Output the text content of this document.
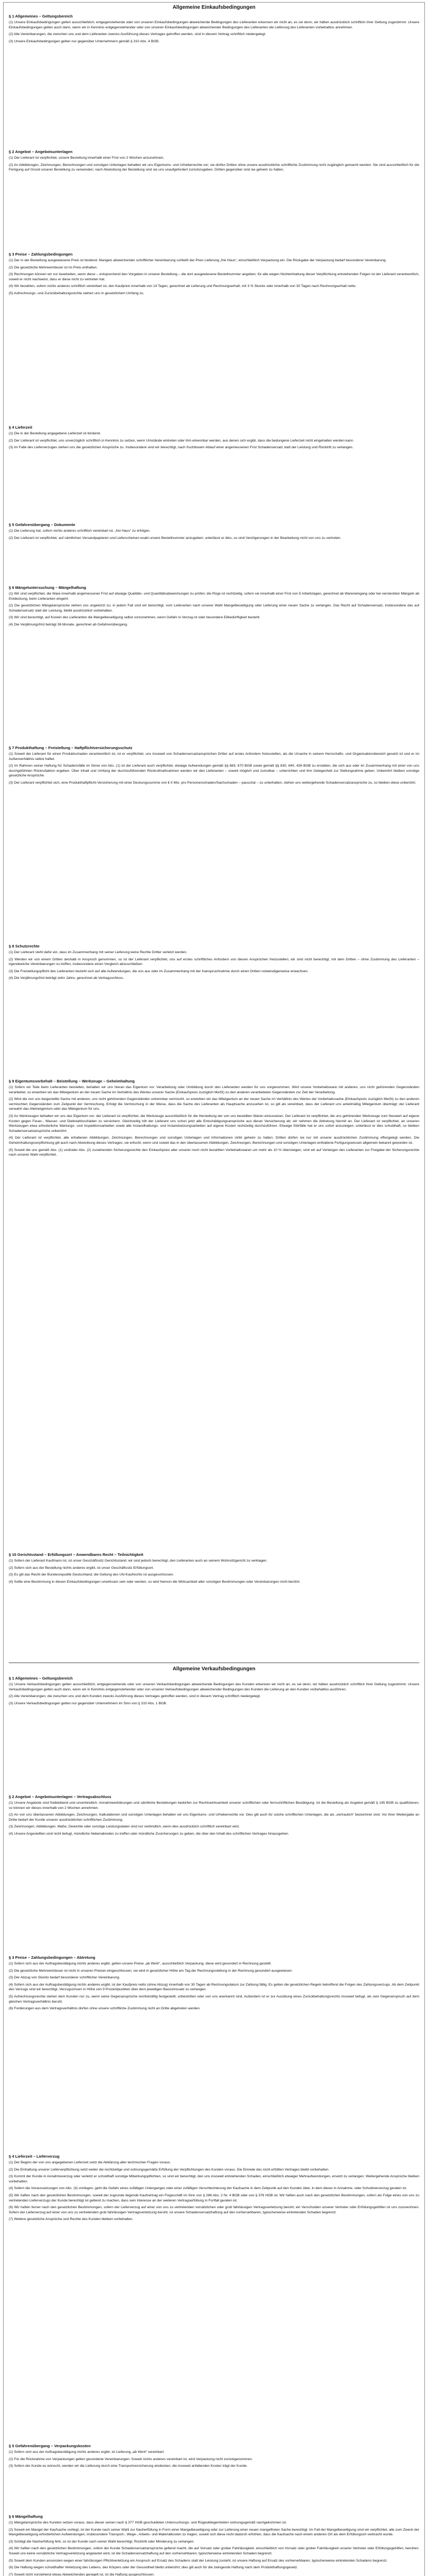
Allgemeine Einkaufsbedingungen
§ 1 Allgemeines – Geltungsbereich

(1) Unsere Einkaufsbedingungen gelten ausschließlich; entgegenstehende oder von unseren Einkaufsbedingungen abweichende Bedingungen des Lieferanten erkennen wir nicht an, es sei denn, wir hätten ausdrücklich schriftlich ihrer Geltung zugestimmt. Unsere Einkaufsbedingungen gelten auch dann, wenn wir in Kenntnis entgegenstehender oder von unseren Einkaufsbedingungen abweichender Bedingungen des Lieferanten die Lieferung des Lieferanten vorbehaltlos annehmen.

(2) Alle Vereinbarungen, die zwischen uns und dem Lieferanten zwecks Ausführung dieses Vertrages getroffen werden, sind in diesem Vertrag schriftlich niedergelegt.

(3) Unsere Einkaufsbedingungen gelten nur gegenüber Unternehmern gemäß § 310 Abs. 4 BGB.

§ 2 Angebot – Angebotsunterlagen

(1) Der Lieferant ist verpflichtet, unsere Bestellung innerhalb einer Frist von 2 Wochen anzunehmen.

(2) An Abbildungen, Zeichnungen, Berechnungen und sonstigen Unterlagen behalten wir uns Eigentums- und Urheberrechte vor; sie dürfen Dritten ohne unsere ausdrückliche schriftliche Zustimmung nicht zugänglich gemacht werden. Sie sind ausschließlich für die Fertigung auf Grund unserer Bestellung zu verwenden; nach Abwicklung der Bestellung sind sie uns unaufgefordert zurückzugeben. Dritten gegenüber sind sie geheim zu halten.

§ 3 Preise – Zahlungsbedingungen

(1) Der in der Bestellung ausgewiesene Preis ist bindend. Mangels abweichender schriftlicher Vereinbarung schließt der Preis Lieferung „frei Haus“, einschließlich Verpackung ein. Die Rückgabe der Verpackung bedarf besonderer Vereinbarung.

(2) Die gesetzliche Mehrwertsteuer ist im Preis enthalten.

(3) Rechnungen können wir nur bearbeiten, wenn diese – entsprechend den Vorgaben in unserer Bestellung – die dort ausgewiesene Bestellnummer angeben; für alle wegen Nichteinhaltung dieser Verpflichtung entstehenden Folgen ist der Lieferant verantwortlich, soweit er nicht nachweist, dass er diese nicht zu vertreten hat.

(4) Wir bezahlen, sofern nichts anderes schriftlich vereinbart ist, den Kaufpreis innerhalb von 14 Tagen, gerechnet ab Lieferung und Rechnungserhalt, mit 3 % Skonto oder innerhalb von 30 Tagen nach Rechnungserhalt netto.

(5) Aufrechnungs- und Zurückbehaltungsrechte stehen uns in gesetzlichem Umfang zu.

§ 4 Lieferzeit

(1) Die in der Bestellung angegebene Lieferzeit ist bindend.

(2) Der Lieferant ist verpflichtet, uns unverzüglich schriftlich in Kenntnis zu setzen, wenn Umstände eintreten oder ihm erkennbar werden, aus denen sich ergibt, dass die bedungene Lieferzeit nicht eingehalten werden kann.

(3) Im Falle des Lieferverzuges stehen uns die gesetzlichen Ansprüche zu. Insbesondere sind wir berechtigt, nach fruchtlosem Ablauf einer angemessenen Frist Schadensersatz statt der Leistung und Rücktritt zu verlangen.

§ 5 Gefahrenübergang – Dokumente

(1) Die Lieferung hat, sofern nichts anderes schriftlich vereinbart ist, „frei Haus“ zu erfolgen.

(2) Der Lieferant ist verpflichtet, auf sämtlichen Versandpapieren und Lieferscheinen exakt unsere Bestellnummer anzugeben; unterlässt er dies, so sind Verzögerungen in der Bearbeitung nicht von uns zu vertreten.

§ 6 Mängeluntersuchung – Mängelhaftung

(1) Wir sind verpflichtet, die Ware innerhalb angemessener Frist auf etwaige Qualitäts- und Quantitätsabweichungen zu prüfen; die Rüge ist rechtzeitig, sofern sie innerhalb einer Frist von 5 Arbeitstagen, gerechnet ab Wareneingang oder bei versteckten Mängeln ab Entdeckung, beim Lieferanten eingeht.

(2) Die gesetzlichen Mängelansprüche stehen uns ungekürzt zu; in jedem Fall sind wir berechtigt, vom Lieferanten nach unserer Wahl Mangelbeseitigung oder Lieferung einer neuen Sache zu verlangen. Das Recht auf Schadensersatz, insbesondere das auf Schadensersatz statt der Leistung, bleibt ausdrücklich vorbehalten.

(3) Wir sind berechtigt, auf Kosten des Lieferanten die Mangelbeseitigung selbst vorzunehmen, wenn Gefahr in Verzug ist oder besondere Eilbedürftigkeit besteht.

(4) Die Verjährungsfrist beträgt 36 Monate, gerechnet ab Gefahrenübergang.

§ 7 Produkthaftung – Freistellung – Haftpflichtversicherungsschutz

(1) Soweit der Lieferant für einen Produktschaden verantwortlich ist, ist er verpflichtet, uns insoweit von Schadensersatzansprüchen Dritter auf erstes Anfordern freizustellen, als die Ursache in seinem Herrschafts- und Organisationsbereich gesetzt ist und er im Außenverhältnis selbst haftet.

(2) Im Rahmen seiner Haftung für Schadensfälle im Sinne von Abs. (1) ist der Lieferant auch verpflichtet, etwaige Aufwendungen gemäß §§ 683, 670 BGB sowie gemäß §§ 830, 840, 426 BGB zu erstatten, die sich aus oder im Zusammenhang mit einer von uns durchgeführten Rückrufaktion ergeben. Über Inhalt und Umfang der durchzuführenden Rückrufmaßnahmen werden wir den Lieferanten – soweit möglich und zumutbar – unterrichten und ihm Gelegenheit zur Stellungnahme geben. Unberührt bleiben sonstige gesetzliche Ansprüche.

(3) Der Lieferant verpflichtet sich, eine Produkthaftpflicht-Versicherung mit einer Deckungssumme von € 5 Mio. pro Personenschaden/Sachschaden – pauschal – zu unterhalten; stehen uns weitergehende Schadensersatzansprüche zu, so bleiben diese unberührt.

§ 8 Schutzrechte

(1) Der Lieferant steht dafür ein, dass im Zusammenhang mit seiner Lieferung keine Rechte Dritter verletzt werden.

(2) Werden wir von einem Dritten deshalb in Anspruch genommen, so ist der Lieferant verpflichtet, uns auf erstes schriftliches Anfordern von diesen Ansprüchen freizustellen; wir sind nicht berechtigt, mit dem Dritten – ohne Zustimmung des Lieferanten – irgendwelche Vereinbarungen zu treffen, insbesondere einen Vergleich abzuschließen.

(3) Die Freistellungspflicht des Lieferanten bezieht sich auf alle Aufwendungen, die uns aus oder im Zusammenhang mit der Inanspruchnahme durch einen Dritten notwendigerweise erwachsen.

(4) Die Verjährungsfrist beträgt zehn Jahre, gerechnet ab Vertragsschluss.

§ 9 Eigentumsvorbehalt – Beistellung – Werkzeuge – Geheimhaltung

(1) Sofern wir Teile beim Lieferanten beistellen, behalten wir uns hieran das Eigentum vor. Verarbeitung oder Umbildung durch den Lieferanten werden für uns vorgenommen. Wird unsere Vorbehaltsware mit anderen, uns nicht gehörenden Gegenständen verarbeitet, so erwerben wir das Miteigentum an der neuen Sache im Verhältnis des Wertes unserer Sache (Einkaufspreis zuzüglich MwSt) zu den anderen verarbeiteten Gegenständen zur Zeit der Verarbeitung.

(2) Wird die von uns beigestellte Sache mit anderen, uns nicht gehörenden Gegenständen untrennbar vermischt, so erwerben wir das Miteigentum an der neuen Sache im Verhältnis des Wertes der Vorbehaltssache (Einkaufspreis zuzüglich MwSt) zu den anderen vermischten Gegenständen zum Zeitpunkt der Vermischung. Erfolgt die Vermischung in der Weise, dass die Sache des Lieferanten als Hauptsache anzusehen ist, so gilt als vereinbart, dass der Lieferant uns anteilmäßig Miteigentum überträgt; der Lieferant verwahrt das Alleineigentum oder das Miteigentum für uns.

(3) An Werkzeugen behalten wir uns das Eigentum vor; der Lieferant ist verpflichtet, die Werkzeuge ausschließlich für die Herstellung der von uns bestellten Waren einzusetzen. Der Lieferant ist verpflichtet, die uns gehörenden Werkzeuge zum Neuwert auf eigene Kosten gegen Feuer-, Wasser- und Diebstahlsschäden zu versichern. Gleichzeitig tritt der Lieferant uns schon jetzt alle Entschädigungsansprüche aus dieser Versicherung ab; wir nehmen die Abtretung hiermit an. Der Lieferant ist verpflichtet, an unseren Werkzeugen etwa erforderliche Wartungs- und Inspektionsarbeiten sowie alle Instandhaltungs- und Instandsetzungsarbeiten auf eigene Kosten rechtzeitig durchzuführen. Etwaige Störfälle hat er uns sofort anzuzeigen; unterlässt er dies schuldhaft, so bleiben Schadensersatzansprüche unberührt.

(4) Der Lieferant ist verpflichtet, alle erhaltenen Abbildungen, Zeichnungen, Berechnungen und sonstigen Unterlagen und Informationen strikt geheim zu halten. Dritten dürfen sie nur mit unserer ausdrücklichen Zustimmung offengelegt werden. Die Geheimhaltungsverpflichtung gilt auch nach Abwicklung dieses Vertrages; sie erlischt, wenn und soweit das in den überlassenen Abbildungen, Zeichnungen, Berechnungen und sonstigen Unterlagen enthaltene Fertigungswissen allgemein bekannt geworden ist.

(5) Soweit die uns gemäß Abs. (1) und/oder Abs. (2) zustehenden Sicherungsrechte den Einkaufspreis aller unserer noch nicht bezahlten Vorbehaltswaren um mehr als 10 % übersteigen, sind wir auf Verlangen des Lieferanten zur Freigabe der Sicherungsrechte nach unserer Wahl verpflichtet.

§ 10 Gerichtsstand – Erfüllungsort – Anwendbares Recht – Teilnichtigkeit

(1) Sofern der Lieferant Kaufmann ist, ist unser Geschäftssitz Gerichtsstand; wir sind jedoch berechtigt, den Lieferanten auch an seinem Wohnsitzgericht zu verklagen.

(2) Sofern sich aus der Bestellung nichts anderes ergibt, ist unser Geschäftssitz Erfüllungsort.

(3) Es gilt das Recht der Bundesrepublik Deutschland; die Geltung des UN-Kaufrechts ist ausgeschlossen.

(4) Sollte eine Bestimmung in diesen Einkaufsbedingungen unwirksam sein oder werden, so wird hiervon die Wirksamkeit aller sonstigen Bestimmungen oder Vereinbarungen nicht berührt.

Allgemeine Verkaufsbedingungen
§ 1 Allgemeines – Geltungsbereich

(1) Unsere Verkaufsbedingungen gelten ausschließlich; entgegenstehende oder von unseren Verkaufsbedingungen abweichende Bedingungen des Kunden erkennen wir nicht an, es sei denn, wir hätten ausdrücklich schriftlich ihrer Geltung zugestimmt. Unsere Verkaufsbedingungen gelten auch dann, wenn wir in Kenntnis entgegenstehender oder von unseren Verkaufsbedingungen abweichender Bedingungen des Kunden die Lieferung an den Kunden vorbehaltlos ausführen.

(2) Alle Vereinbarungen, die zwischen uns und dem Kunden zwecks Ausführung dieses Vertrages getroffen werden, sind in diesem Vertrag schriftlich niedergelegt.

(3) Unsere Verkaufsbedingungen gelten nur gegenüber Unternehmern im Sinn von § 310 Abs. 1 BGB.

§ 2 Angebot – Angebotsunterlagen – Vertragsabschluss

(1) Unsere Angebote sind freibleibend und unverbindlich. Annahmeerklärungen und sämtliche Bestellungen bedürfen zur Rechtswirksamkeit unserer schriftlichen oder fernschriftlichen Bestätigung. Ist die Bestellung als Angebot gemäß § 145 BGB zu qualifizieren, so können wir dieses innerhalb von 2 Wochen annehmen.

(2) An von uns überlassenen Abbildungen, Zeichnungen, Kalkulationen und sonstigen Unterlagen behalten wir uns Eigentums- und Urheberrechte vor. Dies gilt auch für solche schriftlichen Unterlagen, die als „vertraulich“ bezeichnet sind. Vor ihrer Weitergabe an Dritte bedarf der Kunde unserer ausdrücklichen schriftlichen Zustimmung.

(3) Zeichnungen, Abbildungen, Maße, Gewichte oder sonstige Leistungsdaten sind nur verbindlich, wenn dies ausdrücklich schriftlich vereinbart wird.

(4) Unsere Angestellten sind nicht befugt, mündliche Nebenabreden zu treffen oder mündliche Zusicherungen zu geben, die über den Inhalt des schriftlichen Vertrages hinausgehen.

§ 3 Preise – Zahlungsbedingungen – Abtretung

(1) Sofern sich aus der Auftragsbestätigung nichts anderes ergibt, gelten unsere Preise „ab Werk“, ausschließlich Verpackung; diese wird gesondert in Rechnung gestellt.

(2) Die gesetzliche Mehrwertsteuer ist nicht in unseren Preisen eingeschlossen; sie wird in gesetzlicher Höhe am Tag der Rechnungsstellung in der Rechnung gesondert ausgewiesen.

(3) Der Abzug von Skonto bedarf besonderer schriftlicher Vereinbarung.

(4) Sofern sich aus der Auftragsbestätigung nichts anderes ergibt, ist der Kaufpreis netto (ohne Abzug) innerhalb von 30 Tagen ab Rechnungsdatum zur Zahlung fällig. Es gelten die gesetzlichen Regeln betreffend die Folgen des Zahlungsverzugs. Ab dem Zeitpunkt des Verzugs sind wir berechtigt, Verzugszinsen in Höhe von 9 Prozentpunkten über dem jeweiligen Basiszinssatz zu verlangen.

(5) Aufrechnungsrechte stehen dem Kunden nur zu, wenn seine Gegenansprüche rechtskräftig festgestellt, unbestritten oder von uns anerkannt sind. Außerdem ist er zur Ausübung eines Zurückbehaltungsrechts insoweit befugt, als sein Gegenanspruch auf dem gleichen Vertragsverhältnis beruht.

(6) Forderungen aus dem Vertragsverhältnis dürfen ohne unsere schriftliche Zustimmung nicht an Dritte abgetreten werden.

§ 4 Lieferzeit – Lieferverzug

(1) Der Beginn der von uns angegebenen Lieferzeit setzt die Abklärung aller technischen Fragen voraus.

(2) Die Einhaltung unserer Lieferverpflichtung setzt weiter die rechtzeitige und ordnungsgemäße Erfüllung der Verpflichtungen des Kunden voraus. Die Einrede des nicht erfüllten Vertrages bleibt vorbehalten.

(3) Kommt der Kunde in Annahmeverzug oder verletzt er schuldhaft sonstige Mitwirkungspflichten, so sind wir berechtigt, den uns insoweit entstehenden Schaden, einschließlich etwaiger Mehraufwendungen, ersetzt zu verlangen. Weitergehende Ansprüche bleiben vorbehalten.

(4) Sofern die Voraussetzungen von Abs. (3) vorliegen, geht die Gefahr eines zufälligen Unterganges oder einer zufälligen Verschlechterung der Kaufsache in dem Zeitpunkt auf den Kunden über, in dem dieser in Annahme- oder Schuldnerverzug geraten ist.

(5) Wir haften nach den gesetzlichen Bestimmungen, soweit der zugrunde liegende Kaufvertrag ein Fixgeschäft im Sinn von § 286 Abs. 2 Nr. 4 BGB oder von § 376 HGB ist. Wir haften auch nach den gesetzlichen Bestimmungen, sofern als Folge eines von uns zu vertretenden Lieferverzugs der Kunde berechtigt ist geltend zu machen, dass sein Interesse an der weiteren Vertragserfüllung in Fortfall geraten ist.

(6) Wir haften ferner nach den gesetzlichen Bestimmungen, sofern der Lieferverzug auf einer von uns zu vertretenden vorsätzlichen oder grob fahrlässigen Vertragsverletzung beruht; ein Verschulden unserer Vertreter oder Erfüllungsgehilfen ist uns zuzurechnen. Sofern der Lieferverzug auf einer von uns zu vertretenden grob fahrlässigen Vertragsverletzung beruht, ist unsere Schadensersatzhaftung auf den vorhersehbaren, typischerweise eintretenden Schaden begrenzt.

(7) Weitere gesetzliche Ansprüche und Rechte des Kunden bleiben vorbehalten.

§ 5 Gefahrenübergang – Verpackungskosten

(1) Sofern sich aus der Auftragsbestätigung nichts anderes ergibt, ist Lieferung „ab Werk“ vereinbart.

(2) Für die Rücknahme von Verpackungen gelten gesonderte Vereinbarungen. Soweit nichts anderes vereinbart ist, wird Verpackung nicht zurückgenommen.

(3) Sofern der Kunde es wünscht, werden wir die Lieferung durch eine Transportversicherung eindecken; die insoweit anfallenden Kosten trägt der Kunde.

§ 6 Mängelhaftung

(1) Mängelansprüche des Kunden setzen voraus, dass dieser seinen nach § 377 HGB geschuldeten Untersuchungs- und Rügeobliegenheiten ordnungsgemäß nachgekommen ist.

(2) Soweit ein Mangel der Kaufsache vorliegt, ist der Kunde nach seiner Wahl zur Nacherfüllung in Form einer Mangelbeseitigung oder zur Lieferung einer neuen mangelfreien Sache berechtigt. Im Fall der Mangelbeseitigung sind wir verpflichtet, alle zum Zweck der Mangelbeseitigung erforderlichen Aufwendungen, insbesondere Transport-, Wege-, Arbeits- und Materialkosten zu tragen, soweit sich diese nicht dadurch erhöhen, dass die Kaufsache nach einem anderen Ort als dem Erfüllungsort verbracht wurde.

(3) Schlägt die Nacherfüllung fehl, so ist der Kunde nach seiner Wahl berechtigt, Rücktritt oder Minderung zu verlangen.

(4) Wir haften nach den gesetzlichen Bestimmungen, sofern der Kunde Schadensersatzansprüche geltend macht, die auf Vorsatz oder grober Fahrlässigkeit, einschließlich von Vorsatz oder grober Fahrlässigkeit unserer Vertreter oder Erfüllungsgehilfen, beruhen. Soweit uns keine vorsätzliche Vertragsverletzung angelastet wird, ist die Schadensersatzhaftung auf den vorhersehbaren, typischerweise eintretenden Schaden begrenzt.

(5) Soweit dem Kunden ansonsten wegen einer fahrlässigen Pflichtverletzung ein Anspruch auf Ersatz des Schadens statt der Leistung zusteht, ist unsere Haftung auf Ersatz des vorhersehbaren, typischerweise eintretenden Schadens begrenzt.

(6) Die Haftung wegen schuldhafter Verletzung des Lebens, des Körpers oder der Gesundheit bleibt unberührt; dies gilt auch für die zwingende Haftung nach dem Produkthaftungsgesetz.

(7) Soweit nicht vorstehend etwas Abweichendes geregelt ist, ist die Haftung ausgeschlossen.
